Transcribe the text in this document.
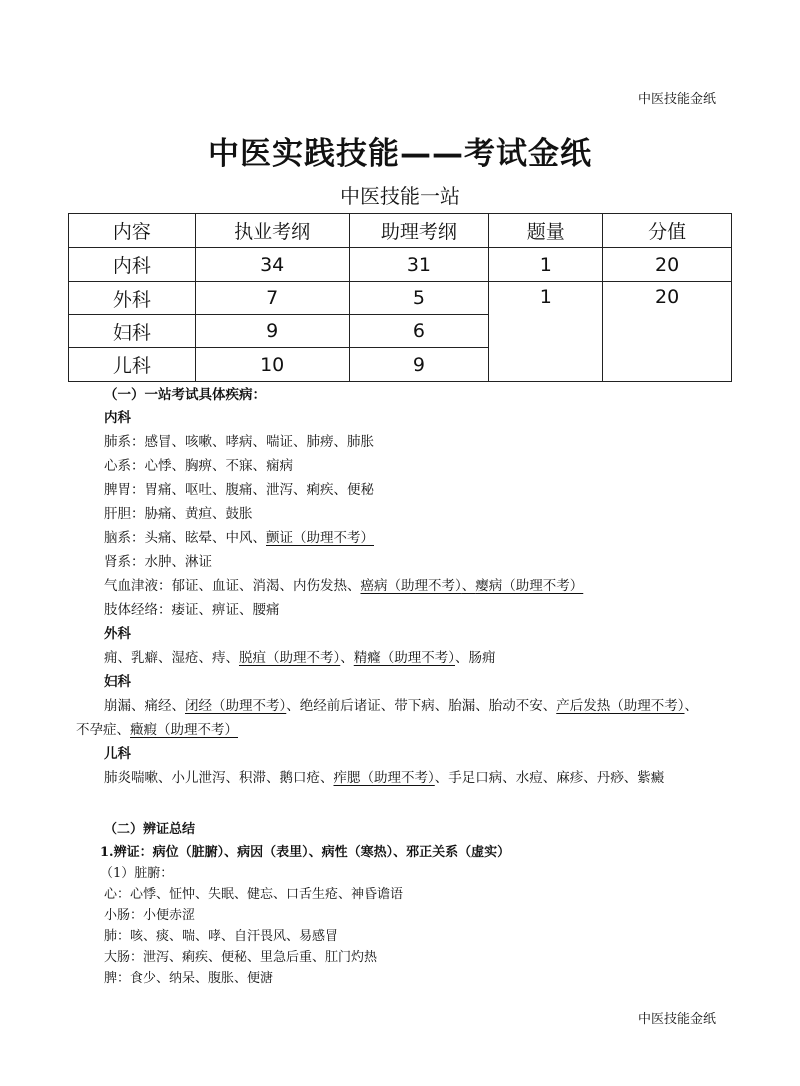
中医技能金纸
中医实践技能——考试金纸
中医技能一站
内容	执业考纲	助理考纲	题量	分值
内科	34	31	1	20
外科	7	5	1	20
妇科	9	6		
儿科	10	9		
（一）一站考试具体疾病：
内科
肺系：感冒、咳嗽、哮病、喘证、肺痨、肺胀
心系：心悸、胸痹、不寐、痫病
脾胃：胃痛、呕吐、腹痛、泄泻、痢疾、便秘
肝胆：胁痛、黄疸、鼓胀
脑系：头痛、眩晕、中风、颤证（助理不考）
肾系：水肿、淋证
气血津液：郁证、血证、消渴、内伤发热、癌病（助理不考）、瘿病（助理不考）
肢体经络：痿证、痹证、腰痛
外科
痈、乳癖、湿疮、痔、脱疽（助理不考）、精癃（助理不考）、肠痈
妇科
崩漏、痛经、闭经（助理不考）、绝经前后诸证、带下病、胎漏、胎动不安、产后发热（助理不考）、
不孕症、癥瘕（助理不考）
儿科
肺炎喘嗽、小儿泄泻、积滞、鹅口疮、痄腮（助理不考）、手足口病、水痘、麻疹、丹痧、紫癜
（二）辨证总结
1.辨证：病位（脏腑）、病因（表里）、病性（寒热）、邪正关系（虚实）
（1）脏腑：
心：心悸、怔忡、失眠、健忘、口舌生疮、神昏谵语
小肠：小便赤涩
肺：咳、痰、喘、哮、自汗畏风、易感冒
大肠：泄泻、痢疾、便秘、里急后重、肛门灼热
脾：食少、纳呆、腹胀、便溏
中医技能金纸
